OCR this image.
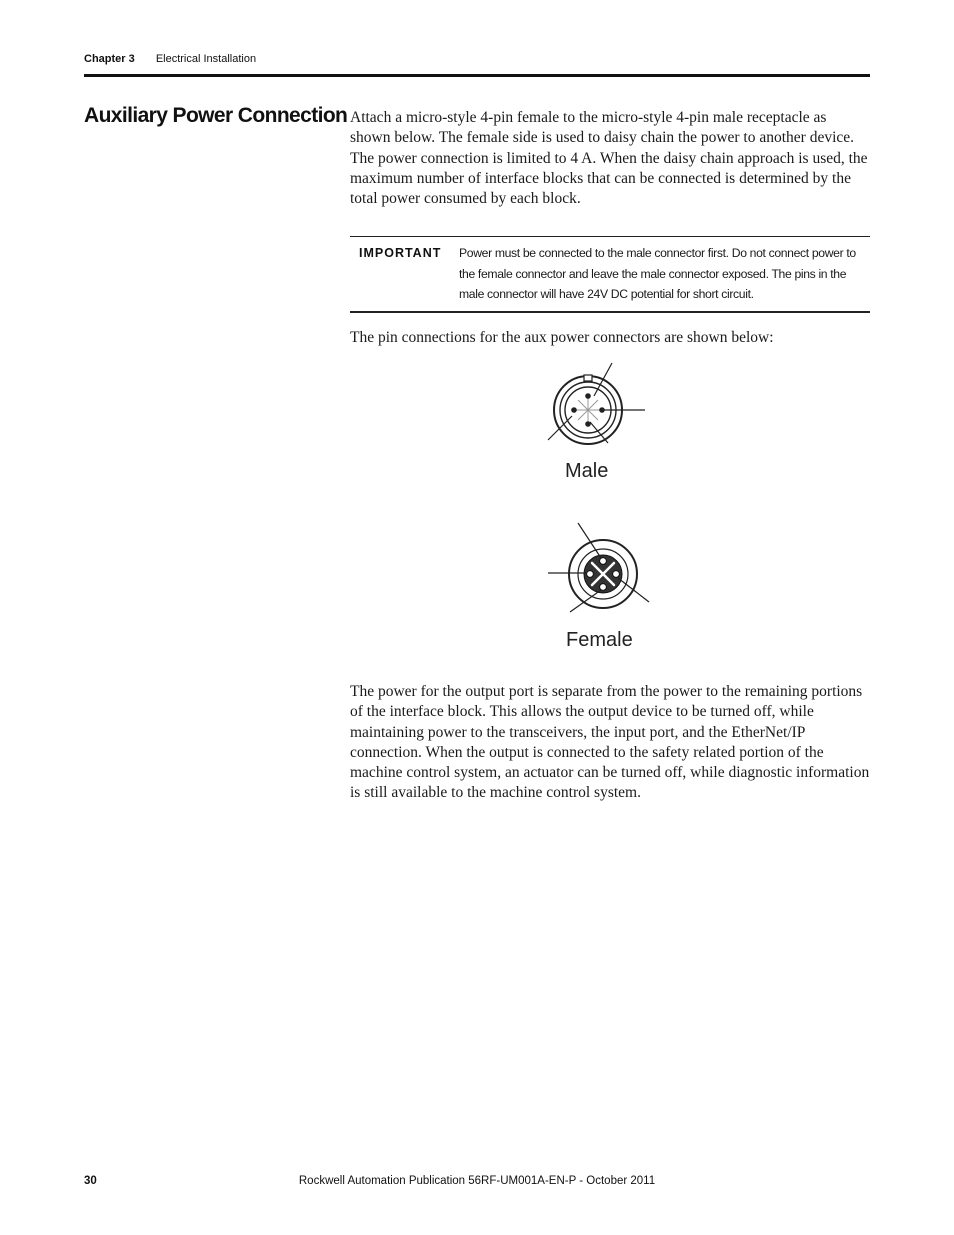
Chapter 3 Electrical Installation
Auxiliary Power Connection Attach a micro-style 4-pin female to the micro-style 4-pin male receptacle as shown below. The female side is used to daisy chain the power to another device. The power connection is limited to 4 A. When the daisy chain approach is used, the maximum number of interface blocks that can be connected is determined by the total power consumed by each block.

IMPORTANT Power must be connected to the male connector first. Do not connect power to the female connector and leave the male connector exposed. The pins in the male connector will have 24V DC potential for short circuit.

The pin connections for the aux power connectors are shown below:

Male
Female

The power for the output port is separate from the power to the remaining portions of the interface block. This allows the output device to be turned off, while maintaining power to the transceivers, the input port, and the EtherNet/IP connection. When the output is connected to the safety related portion of the machine control system, an actuator can be turned off, while diagnostic information is still available to the machine control system.

30	Rockwell Automation Publication 56RF-UM001A-EN-P - October 2011
